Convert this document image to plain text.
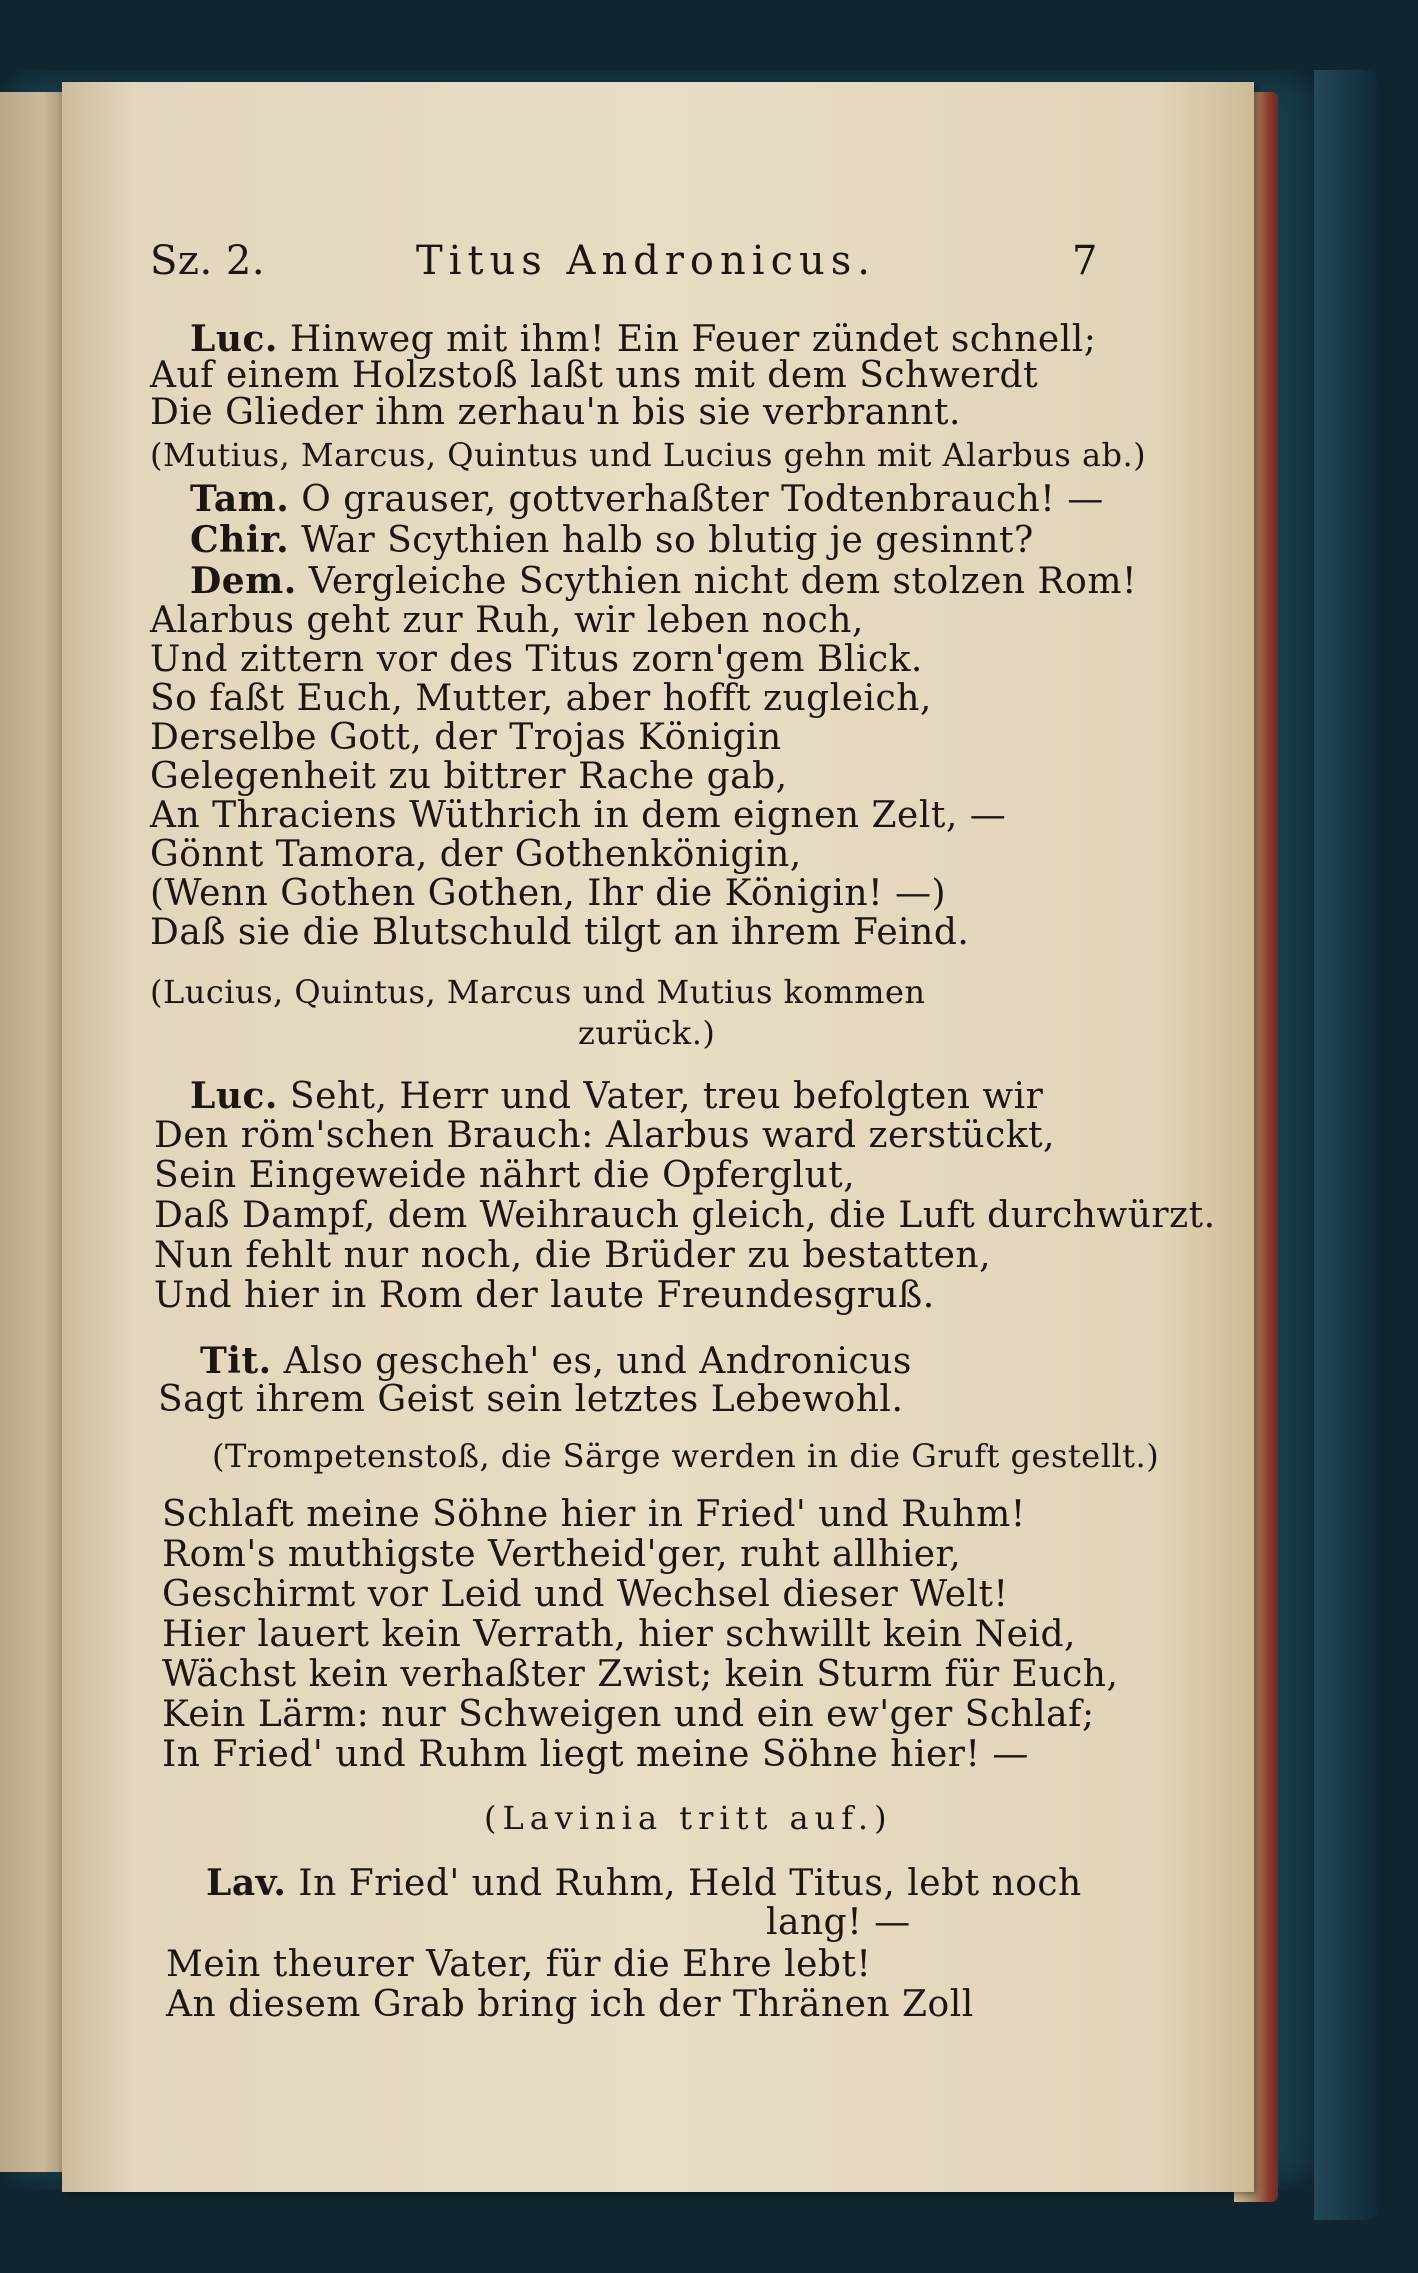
Sz. 2.	Titus Andronicus.	7
Luc. Hinweg mit ihm! Ein Feuer zündet schnell;
Auf einem Holzstoß laßt uns mit dem Schwerdt
Die Glieder ihm zerhau'n bis sie verbrannt.
(Mutius, Marcus, Quintus und Lucius gehn mit Alarbus ab.)
Tam. O grauser, gottverhaßter Todtenbrauch! —
Chir. War Scythien halb so blutig je gesinnt?
Dem. Vergleiche Scythien nicht dem stolzen Rom!
Alarbus geht zur Ruh, wir leben noch,
Und zittern vor des Titus zorn'gem Blick.
So faßt Euch, Mutter, aber hofft zugleich,
Derselbe Gott, der Trojas Königin
Gelegenheit zu bittrer Rache gab,
An Thraciens Wüthrich in dem eignen Zelt, —
Gönnt Tamora, der Gothenkönigin,
(Wenn Gothen Gothen, Ihr die Königin! —)
Daß sie die Blutschuld tilgt an ihrem Feind.
(Lucius, Quintus, Marcus und Mutius kommen
zurück.)
Luc. Seht, Herr und Vater, treu befolgten wir
Den röm'schen Brauch: Alarbus ward zerstückt,
Sein Eingeweide nährt die Opferglut,
Daß Dampf, dem Weihrauch gleich, die Luft durchwürzt.
Nun fehlt nur noch, die Brüder zu bestatten,
Und hier in Rom der laute Freundesgruß.
Tit. Also gescheh' es, und Andronicus
Sagt ihrem Geist sein letztes Lebewohl.
(Trompetenstoß, die Särge werden in die Gruft gestellt.)
Schlaft meine Söhne hier in Fried' und Ruhm!
Rom's muthigste Vertheid'ger, ruht allhier,
Geschirmt vor Leid und Wechsel dieser Welt!
Hier lauert kein Verrath, hier schwillt kein Neid,
Wächst kein verhaßter Zwist; kein Sturm für Euch,
Kein Lärm: nur Schweigen und ein ew'ger Schlaf;
In Fried' und Ruhm liegt meine Söhne hier! —
(Lavinia tritt auf.)
Lav. In Fried' und Ruhm, Held Titus, lebt noch
lang! —
Mein theurer Vater, für die Ehre lebt!
An diesem Grab bring ich der Thränen Zoll
